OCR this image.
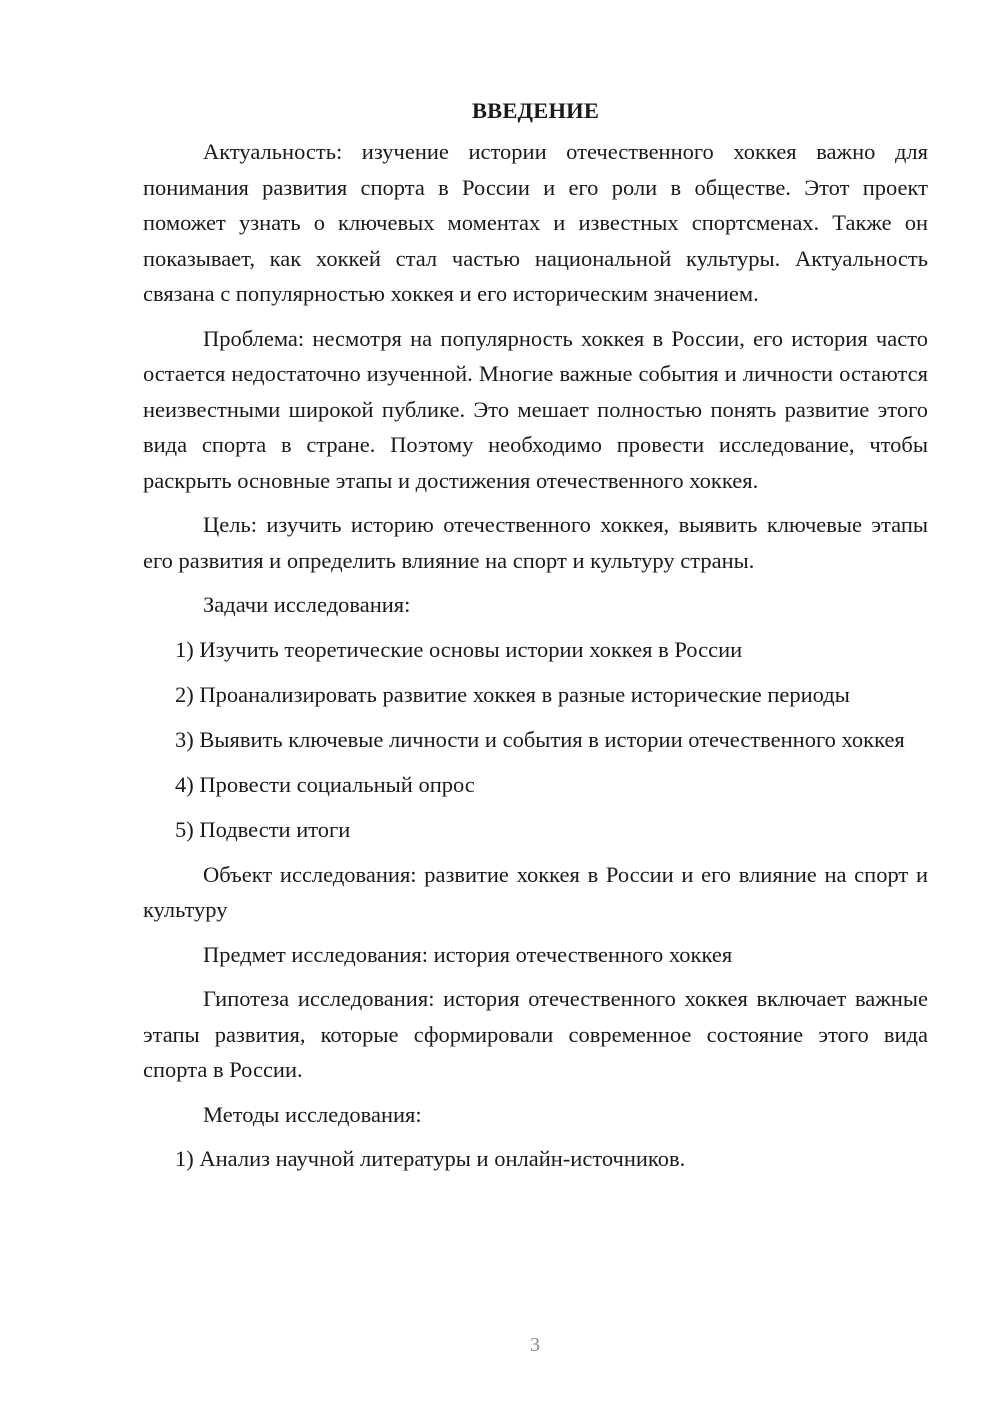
ВВЕДЕНИЕ

Актуальность: изучение истории отечественного хоккея важно для понимания развития спорта в России и его роли в обществе. Этот проект поможет узнать о ключевых моментах и известных спортсменах. Также он показывает, как хоккей стал частью национальной культуры. Актуальность связана с популярностью хоккея и его историческим значением.

Проблема: несмотря на популярность хоккея в России, его история часто остается недостаточно изученной. Многие важные события и личности остаются неизвестными широкой публике. Это мешает полностью понять развитие этого вида спорта в стране. Поэтому необходимо провести исследование, чтобы раскрыть основные этапы и достижения отечественного хоккея.

Цель: изучить историю отечественного хоккея, выявить ключевые этапы его развития и определить влияние на спорт и культуру страны.

Задачи исследования:

1) Изучить теоретические основы истории хоккея в России

2) Проанализировать развитие хоккея в разные исторические периоды

3) Выявить ключевые личности и события в истории отечественного хоккея

4) Провести социальный опрос

5) Подвести итоги

Объект исследования: развитие хоккея в России и его влияние на спорт и культуру

Предмет исследования: история отечественного хоккея

Гипотеза исследования: история отечественного хоккея включает важные этапы развития, которые сформировали современное состояние этого вида спорта в России.

Методы исследования:

1) Анализ научной литературы и онлайн-источников.

3
